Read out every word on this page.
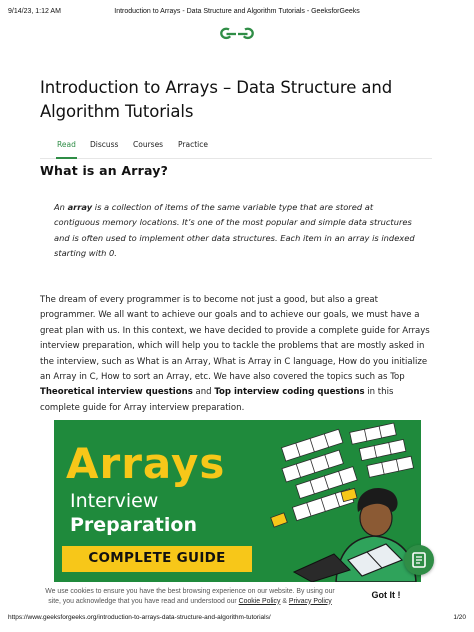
9/14/23, 1:12 AM	Introduction to Arrays - Data Structure and Algorithm Tutorials - GeeksforGeeks
Introduction to Arrays – Data Structure and
Algorithm Tutorials
Read Discuss Courses Practice
What is an Array?

An array is a collection of items of the same variable type that are stored at contiguous memory locations. It’s one of the most popular and simple data structures and is often used to implement other data structures. Each item in an array is indexed starting with 0.

The dream of every programmer is to become not just a good, but also a great programmer. We all want to achieve our goals and to achieve our goals, we must have a great plan with us. In this context, we have decided to provide a complete guide for Arrays interview preparation, which will help you to tackle the problems that are mostly asked in the interview, such as What is an Array, What is Array in C language, How do you initialize an Array in C, How to sort an Array, etc. We have also covered the topics such as Top Theoretical interview questions and Top interview coding questions in this complete guide for Array interview preparation.

Arrays
Interview
Preparation
COMPLETE GUIDE

We use cookies to ensure you have the best browsing experience on our website. By using our site, you acknowledge that you have read and understood our Cookie Policy & Privacy Policy

Got It !
https://www.geeksforgeeks.org/introduction-to-arrays-data-structure-and-algorithm-tutorials/	1/20
